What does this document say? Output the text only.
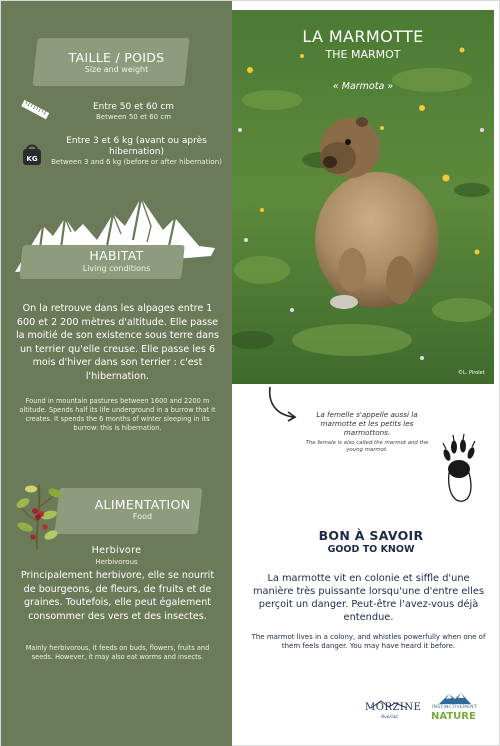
TAILLE / POIDS
Size and weight
Entre 50 et 60 cm
Between 50 et 60 cm
KG
Entre 3 et 6 kg (avant ou après hibernation)
Between 3 and 6 kg (before or after hibernation)
HABITAT
Living conditions
On la retrouve dans les alpages entre 1 600 et 2 200 mètres d'altitude. Elle passe la moitié de son existence sous terre dans un terrier qu'elle creuse. Elle passe les 6 mois d'hiver dans son terrier : c'est l'hibernation.
Found in mountain pastures between 1600 and 2200 m altitude. Spends half its life underground in a burrow that it creates. It spends the 6 months of winter sleeping in its burrow: this is hibernation.
ALIMENTATION
Food
Herbivore
Herbivorous
Principalement herbivore, elle se nourrit de bourgeons, de fleurs, de fruits et de graines. Toutefois, elle peut également consommer des vers et des insectes.
Mainly herbivorous, it feeds on buds, flowers, fruits and seeds. However, it may also eat worms and insects.
©L. Pirolet
LA MARMOTTE
THE MARMOT
« Marmota »
La femelle s'appelle aussi la marmotte et les petits les marmottons.
The female is also called the marmot and the young marmot.
BON À SAVOIR
GOOD TO KNOW
La marmotte vit en colonie et siffle d'une manière très puissante lorsqu'une d'entre elles perçoit un danger. Peut-être l'avez-vous déjà entendue.
The marmot lives in a colony, and whistles powerfully when one of them feels danger. You may have heard it before.
MORZINE
Avoriaz
INSTINCTIVEMENT
NATURE
